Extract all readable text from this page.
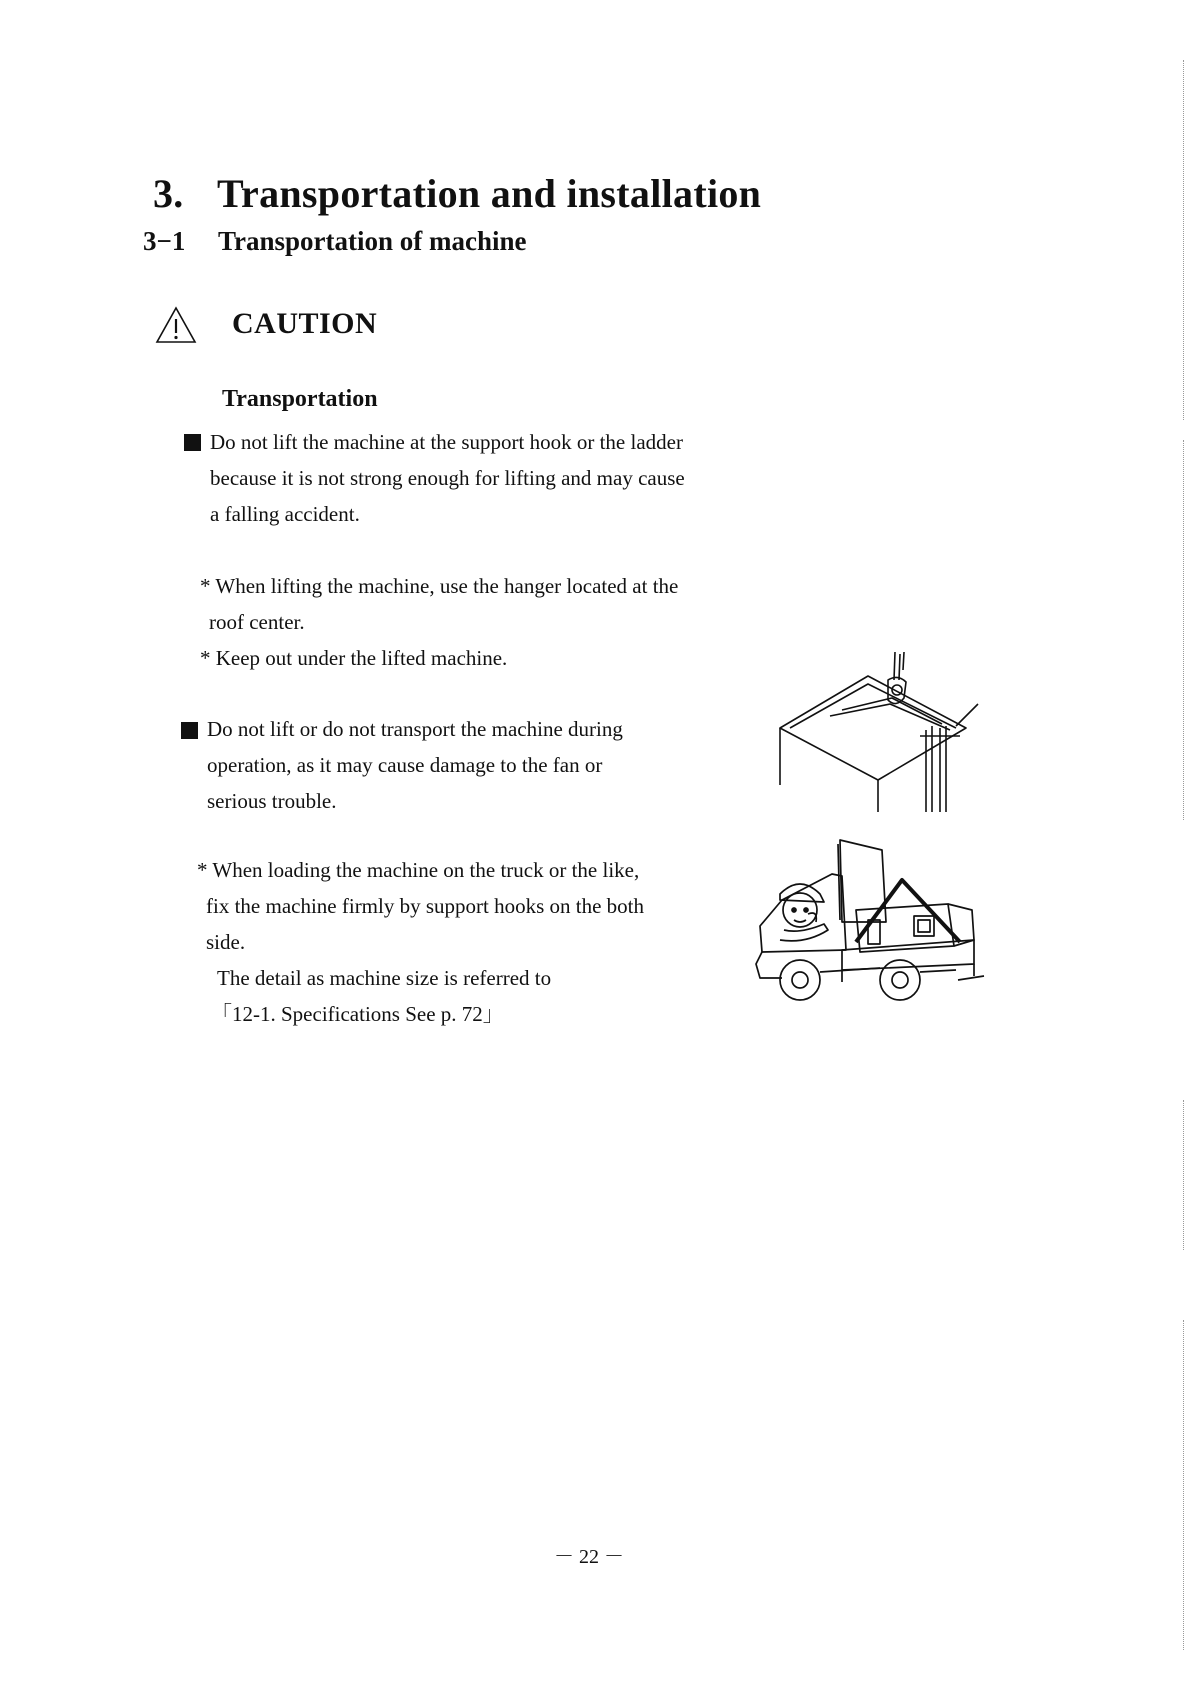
3. Transportation and installation
3−1 Transportation of machine
CAUTION
Transportation
Do not lift the machine at the support hook or the ladder
because it is not strong enough for lifting and may cause
a falling accident.
* When lifting the machine, use the hanger located at the
roof center.
* Keep out under the lifted machine.
Do not lift or do not transport the machine during
operation, as it may cause damage to the fan or
serious trouble.
* When loading the machine on the truck or the like,
fix the machine firmly by support hooks on the both
side.
The detail as machine size is referred to
「12-1. Specifications See p. 72」
－ 22 －
